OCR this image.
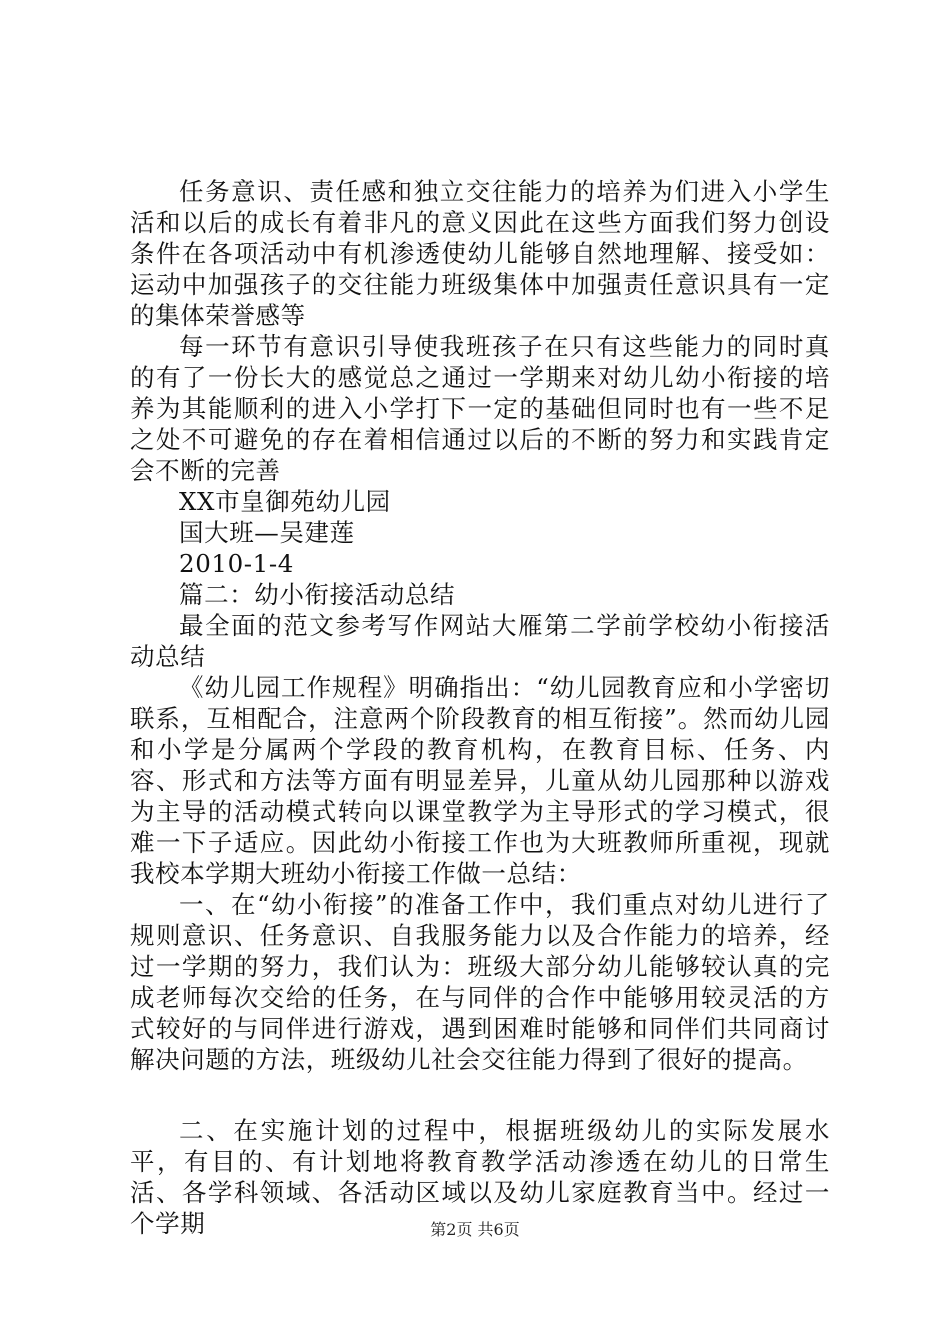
任务意识、责任感和独立交往能力的培养为们进入小学生活和以后的成长有着非凡的意义因此在这些方面我们努力创设条件在各项活动中有机渗透使幼儿能够自然地理解、接受如：运动中加强孩子的交往能力班级集体中加强责任意识具有一定的集体荣誉感等

每一环节有意识引导使我班孩子在只有这些能力的同时真的有了一份长大的感觉总之通过一学期来对幼儿幼小衔接的培养为其能顺利的进入小学打下一定的基础但同时也有一些不足之处不可避免的存在着相信通过以后的不断的努力和实践肯定会不断的完善

XX市皇御苑幼儿园

国大班—吴建莲

2010-1-4

篇二：幼小衔接活动总结

最全面的范文参考写作网站大雁第二学前学校幼小衔接活动总结

《幼儿园工作规程》明确指出：“幼儿园教育应和小学密切联系，互相配合，注意两个阶段教育的相互衔接”。然而幼儿园和小学是分属两个学段的教育机构，在教育目标、任务、内容、形式和方法等方面有明显差异，儿童从幼儿园那种以游戏为主导的活动模式转向以课堂教学为主导形式的学习模式，很难一下子适应。因此幼小衔接工作也为大班教师所重视，现就我校本学期大班幼小衔接工作做一总结：

一、在“幼小衔接”的准备工作中，我们重点对幼儿进行了规则意识、任务意识、自我服务能力以及合作能力的培养，经过一学期的努力，我们认为：班级大部分幼儿能够较认真的完成老师每次交给的任务，在与同伴的合作中能够用较灵活的方式较好的与同伴进行游戏，遇到困难时能够和同伴们共同商讨解决问题的方法，班级幼儿社会交往能力得到了很好的提高。

二、在实施计划的过程中，根据班级幼儿的实际发展水平，有目的、有计划地将教育教学活动渗透在幼儿的日常生活、各学科领域、各活动区域以及幼儿家庭教育当中。经过一个学期	第2页 共6页
